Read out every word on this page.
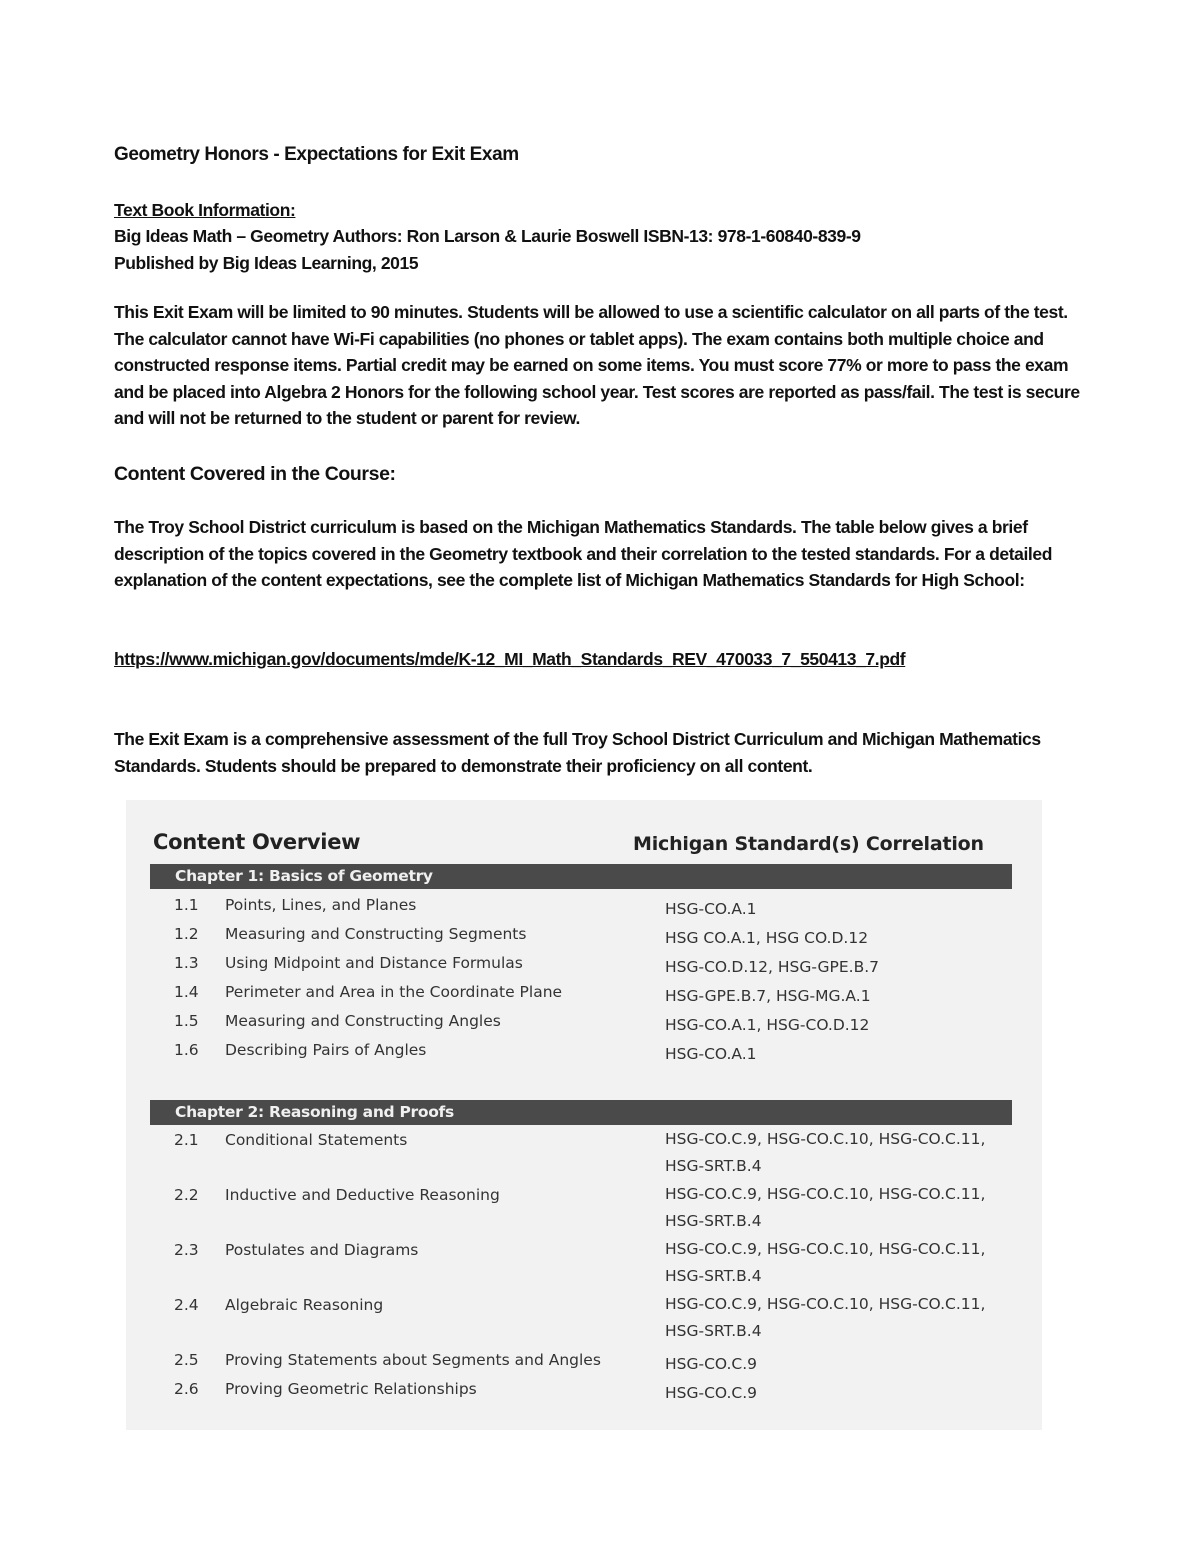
Geometry Honors - Expectations for Exit Exam
Text Book Information:
Big Ideas Math – Geometry Authors: Ron Larson & Laurie Boswell ISBN-13: 978-1-60840-839-9
Published by Big Ideas Learning, 2015
This Exit Exam will be limited to 90 minutes. Students will be allowed to use a scientific calculator on all parts of the test. The calculator cannot have Wi-Fi capabilities (no phones or tablet apps). The exam contains both multiple choice and constructed response items. Partial credit may be earned on some items. You must score 77% or more to pass the exam and be placed into Algebra 2 Honors for the following school year. Test scores are reported as pass/fail. The test is secure and will not be returned to the student or parent for review.
Content Covered in the Course:
The Troy School District curriculum is based on the Michigan Mathematics Standards. The table below gives a brief description of the topics covered in the Geometry textbook and their correlation to the tested standards. For a detailed explanation of the content expectations, see the complete list of Michigan Mathematics Standards for High School:
https://www.michigan.gov/documents/mde/K-12_MI_Math_Standards_REV_470033_7_550413_7.pdf
The Exit Exam is a comprehensive assessment of the full Troy School District Curriculum and Michigan Mathematics Standards. Students should be prepared to demonstrate their proficiency on all content.
Content Overview	Michigan Standard(s) Correlation
Chapter 1: Basics of Geometry
1.1 Points, Lines, and Planes	HSG-CO.A.1
1.2 Measuring and Constructing Segments	HSG CO.A.1, HSG CO.D.12
1.3 Using Midpoint and Distance Formulas	HSG-CO.D.12, HSG-GPE.B.7
1.4 Perimeter and Area in the Coordinate Plane	HSG-GPE.B.7, HSG-MG.A.1
1.5 Measuring and Constructing Angles	HSG-CO.A.1, HSG-CO.D.12
1.6 Describing Pairs of Angles	HSG-CO.A.1
Chapter 2: Reasoning and Proofs
2.1 Conditional Statements	HSG-CO.C.9, HSG-CO.C.10, HSG-CO.C.11, HSG-SRT.B.4
2.2 Inductive and Deductive Reasoning	HSG-CO.C.9, HSG-CO.C.10, HSG-CO.C.11, HSG-SRT.B.4
2.3 Postulates and Diagrams	HSG-CO.C.9, HSG-CO.C.10, HSG-CO.C.11, HSG-SRT.B.4
2.4 Algebraic Reasoning	HSG-CO.C.9, HSG-CO.C.10, HSG-CO.C.11, HSG-SRT.B.4
2.5 Proving Statements about Segments and Angles	HSG-CO.C.9
2.6 Proving Geometric Relationships	HSG-CO.C.9
